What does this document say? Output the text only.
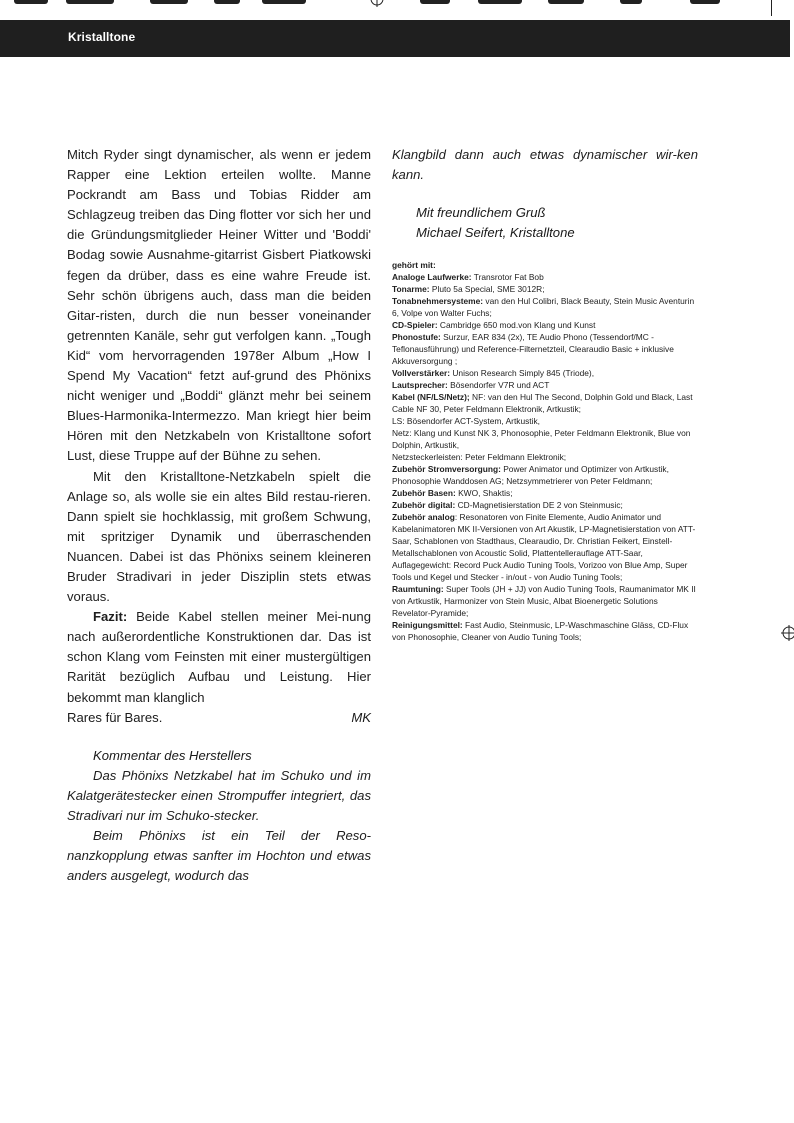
Kristalltone

Mitch Ryder singt dynamischer, als wenn er jedem Rapper eine Lektion erteilen wollte. Manne Pockrandt am Bass und Tobias Ridder am Schlagzeug treiben das Ding flotter vor sich her und die Gründungsmitglieder Heiner Witter und 'Boddi' Bodag sowie Ausnahme-gitarrist Gisbert Piatkowski fegen da drüber, dass es eine wahre Freude ist. Sehr schön übrigens auch, dass man die beiden Gitar-risten, durch die nun besser voneinander getrennten Kanäle, sehr gut verfolgen kann. „Tough Kid“ vom hervorragenden 1978er Album „How I Spend My Vacation“ fetzt auf-grund des Phönixs nicht weniger und „Boddi“ glänzt mehr bei seinem Blues-Harmonika-Intermezzo. Man kriegt hier beim Hören mit den Netzkabeln von Kristalltone sofort Lust, diese Truppe auf der Bühne zu sehen.

Mit den Kristalltone-Netzkabeln spielt die Anlage so, als wolle sie ein altes Bild restau-rieren. Dann spielt sie hochklassig, mit großem Schwung, mit spritziger Dynamik und überraschenden Nuancen. Dabei ist das Phönixs seinem kleineren Bruder Stradivari in jeder Disziplin stets etwas voraus.

Fazit: Beide Kabel stellen meiner Mei-nung nach außerordentliche Konstruktionen dar. Das ist schon Klang vom Feinsten mit einer mustergültigen Rarität bezüglich Aufbau und Leistung. Hier bekommt man klanglich

Rares für Bares.	MK

Kommentar des Herstellers

Das Phönixs Netzkabel hat im Schuko und im Kalatgerätestecker einen Strompuffer integriert, das Stradivari nur im Schuko-stecker.

Beim Phönixs ist ein Teil der Reso-nanzkopplung etwas sanfter im Hochton und etwas anders ausgelegt, wodurch das

Klangbild dann auch etwas dynamischer wir-ken kann.

Mit freundlichem Gruß
Michael Seifert, Kristalltone
gehört mit:
Analoge Laufwerke: Transrotor Fat Bob
Tonarme: Pluto 5a Special, SME 3012R;
Tonabnehmersysteme: van den Hul Colibri, Black Beauty, Stein Music Aventurin 6, Volpe von Walter Fuchs;
CD-Spieler: Cambridge 650 mod.von Klang und Kunst
Phonostufe: Surzur, EAR 834 (2x), TE Audio Phono (Tessendorf/MC -Teflonausführung) und Reference-Filternetzteil, Clearaudio Basic + inklusive Akkuversorgung ;
Vollverstärker: Unison Research Simply 845 (Triode),
Lautsprecher: Bösendorfer V7R und ACT
Kabel (NF/LS/Netz); NF: van den Hul The Second, Dolphin Gold und Black, Last Cable NF 30, Peter Feldmann Elektronik, Artkustik;
LS: Bösendorfer ACT-System, Artkustik,
Netz: Klang und Kunst NK 3, Phonosophie, Peter Feldmann Elektronik, Blue von Dolphin, Artkustik,
Netzsteckerleisten: Peter Feldmann Elektronik;
Zubehör Stromversorgung: Power Animator und Optimizer von Artkustik, Phonosophie Wanddosen AG; Netzsymmetrierer von Peter Feldmann;
Zubehör Basen: KWO, Shaktis;
Zubehör digital: CD-Magnetisierstation DE 2 von Steinmusic;
Zubehör analog: Resonatoren von Finite Elemente, Audio Animator und Kabelanimatoren MK II-Versionen von Art Akustik, LP-Magnetisierstation von ATT-Saar, Schablonen von Stadthaus, Clearaudio, Dr. Christian Feikert, Einstell-Metallschablonen von Acoustic Solid, Plattentellerauflage ATT-Saar, Auflagegewicht: Record Puck Audio Tuning Tools, Vorizoo von Blue Amp, Super Tools und Kegel und Stecker - in/out - von Audio Tuning Tools;
Raumtuning: Super Tools (JH + JJ) von Audio Tuning Tools, Raumanimator MK II von Artkustik, Harmonizer von Stein Music, Albat Bioenergetic Solutions Revelator-Pyramide;
Reinigungsmittel: Fast Audio, Steinmusic, LP-Waschmaschine Gläss, CD-Flux von Phonosophie, Cleaner von Audio Tuning Tools;
